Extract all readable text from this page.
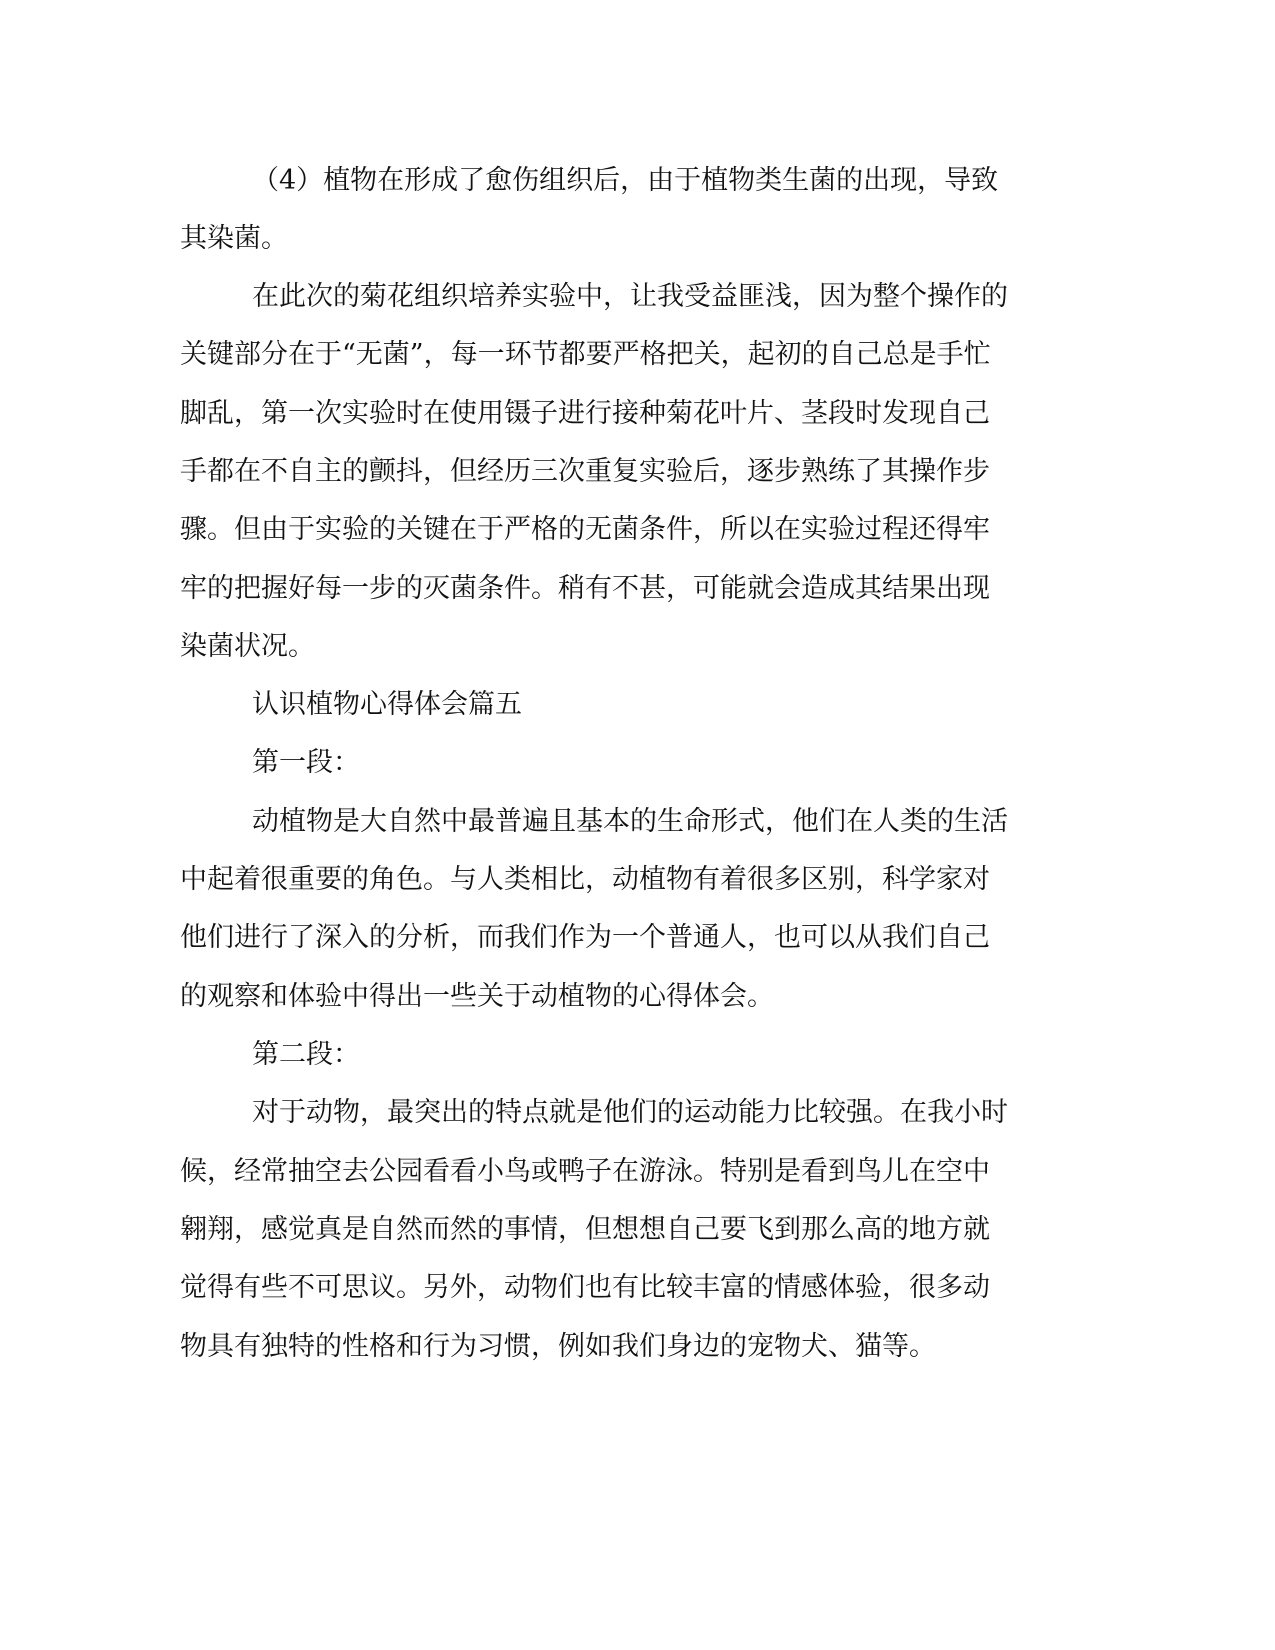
（4）植物在形成了愈伤组织后，由于植物类生菌的出现，导致
其染菌。
在此次的菊花组织培养实验中，让我受益匪浅，因为整个操作的
关键部分在于“无菌”，每一环节都要严格把关，起初的自己总是手忙
脚乱，第一次实验时在使用镊子进行接种菊花叶片、茎段时发现自己
手都在不自主的颤抖，但经历三次重复实验后，逐步熟练了其操作步
骤。但由于实验的关键在于严格的无菌条件，所以在实验过程还得牢
牢的把握好每一步的灭菌条件。稍有不甚，可能就会造成其结果出现
染菌状况。
认识植物心得体会篇五
第一段：
动植物是大自然中最普遍且基本的生命形式，他们在人类的生活
中起着很重要的角色。与人类相比，动植物有着很多区别，科学家对
他们进行了深入的分析，而我们作为一个普通人，也可以从我们自己
的观察和体验中得出一些关于动植物的心得体会。
第二段：
对于动物，最突出的特点就是他们的运动能力比较强。在我小时
候，经常抽空去公园看看小鸟或鸭子在游泳。特别是看到鸟儿在空中
翱翔，感觉真是自然而然的事情，但想想自己要飞到那么高的地方就
觉得有些不可思议。另外，动物们也有比较丰富的情感体验，很多动
物具有独特的性格和行为习惯，例如我们身边的宠物犬、猫等。
